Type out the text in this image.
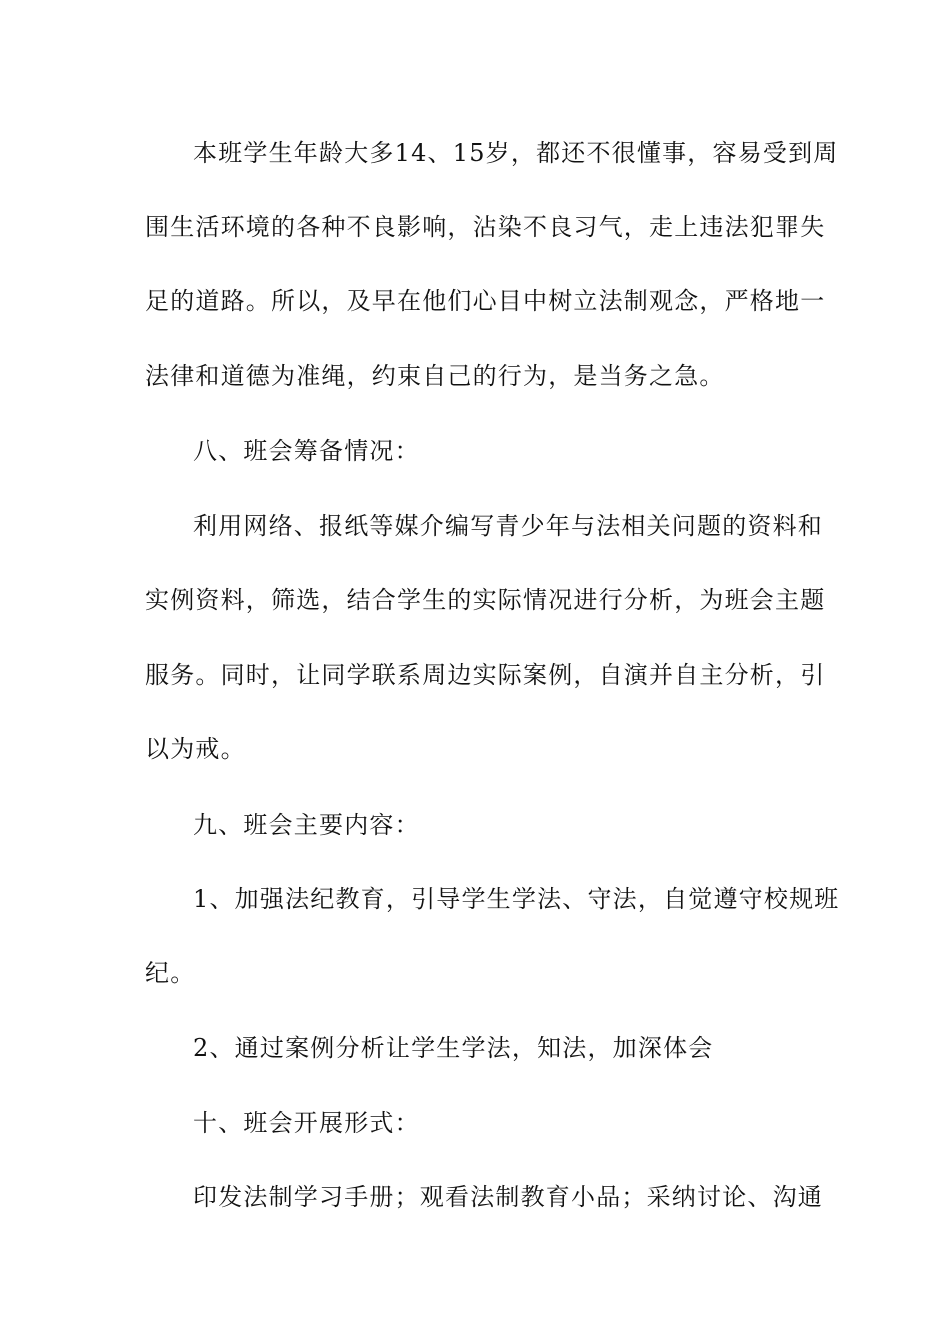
本班学生年龄大多14、15岁，都还不很懂事，容易受到周
围生活环境的各种不良影响，沾染不良习气，走上违法犯罪失
足的道路。所以，及早在他们心目中树立法制观念，严格地一
法律和道德为准绳，约束自己的行为，是当务之急。
八、班会筹备情况：
利用网络、报纸等媒介编写青少年与法相关问题的资料和
实例资料，筛选，结合学生的实际情况进行分析，为班会主题
服务。同时，让同学联系周边实际案例，自演并自主分析，引
以为戒。
九、班会主要内容：
1、加强法纪教育，引导学生学法、守法，自觉遵守校规班
纪。
2、通过案例分析让学生学法，知法，加深体会
十、班会开展形式：
印发法制学习手册；观看法制教育小品；采纳讨论、沟通
